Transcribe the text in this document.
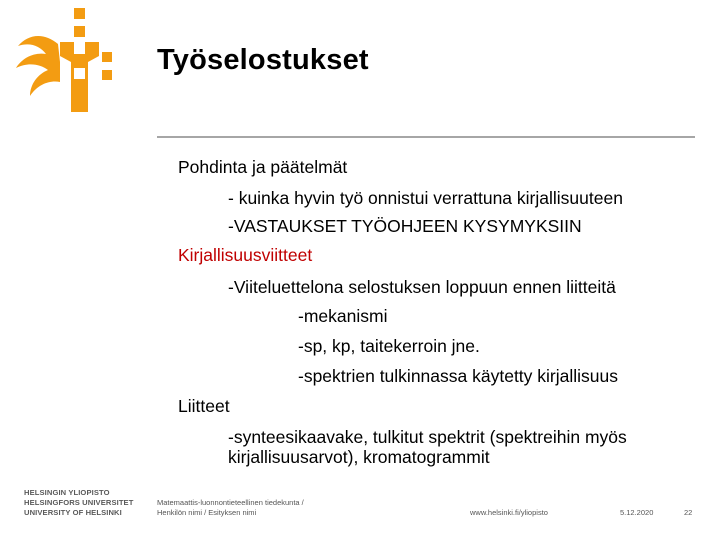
Työselostukset
Pohdinta ja päätelmät
- kuinka hyvin työ onnistui verrattuna kirjallisuuteen
-VASTAUKSET TYÖOHJEEN KYSYMYKSIIN
Kirjallisuusviitteet
-Viiteluettelona selostuksen loppuun ennen liitteitä
-mekanismi
-sp, kp, taitekerroin jne.
-spektrien tulkinnassa käytetty kirjallisuus
Liitteet
-synteesikaavake, tulkitut spektrit (spektreihin myös
kirjallisuusarvot), kromatogrammit
HELSINGIN YLIOPISTO
HELSINGFORS UNIVERSITET
UNIVERSITY OF HELSINKI
Matemaattis-luonnontieteellinen tiedekunta /
Henkilön nimi / Esityksen nimi	www.helsinki.fi/yliopisto	5.12.2020	22
